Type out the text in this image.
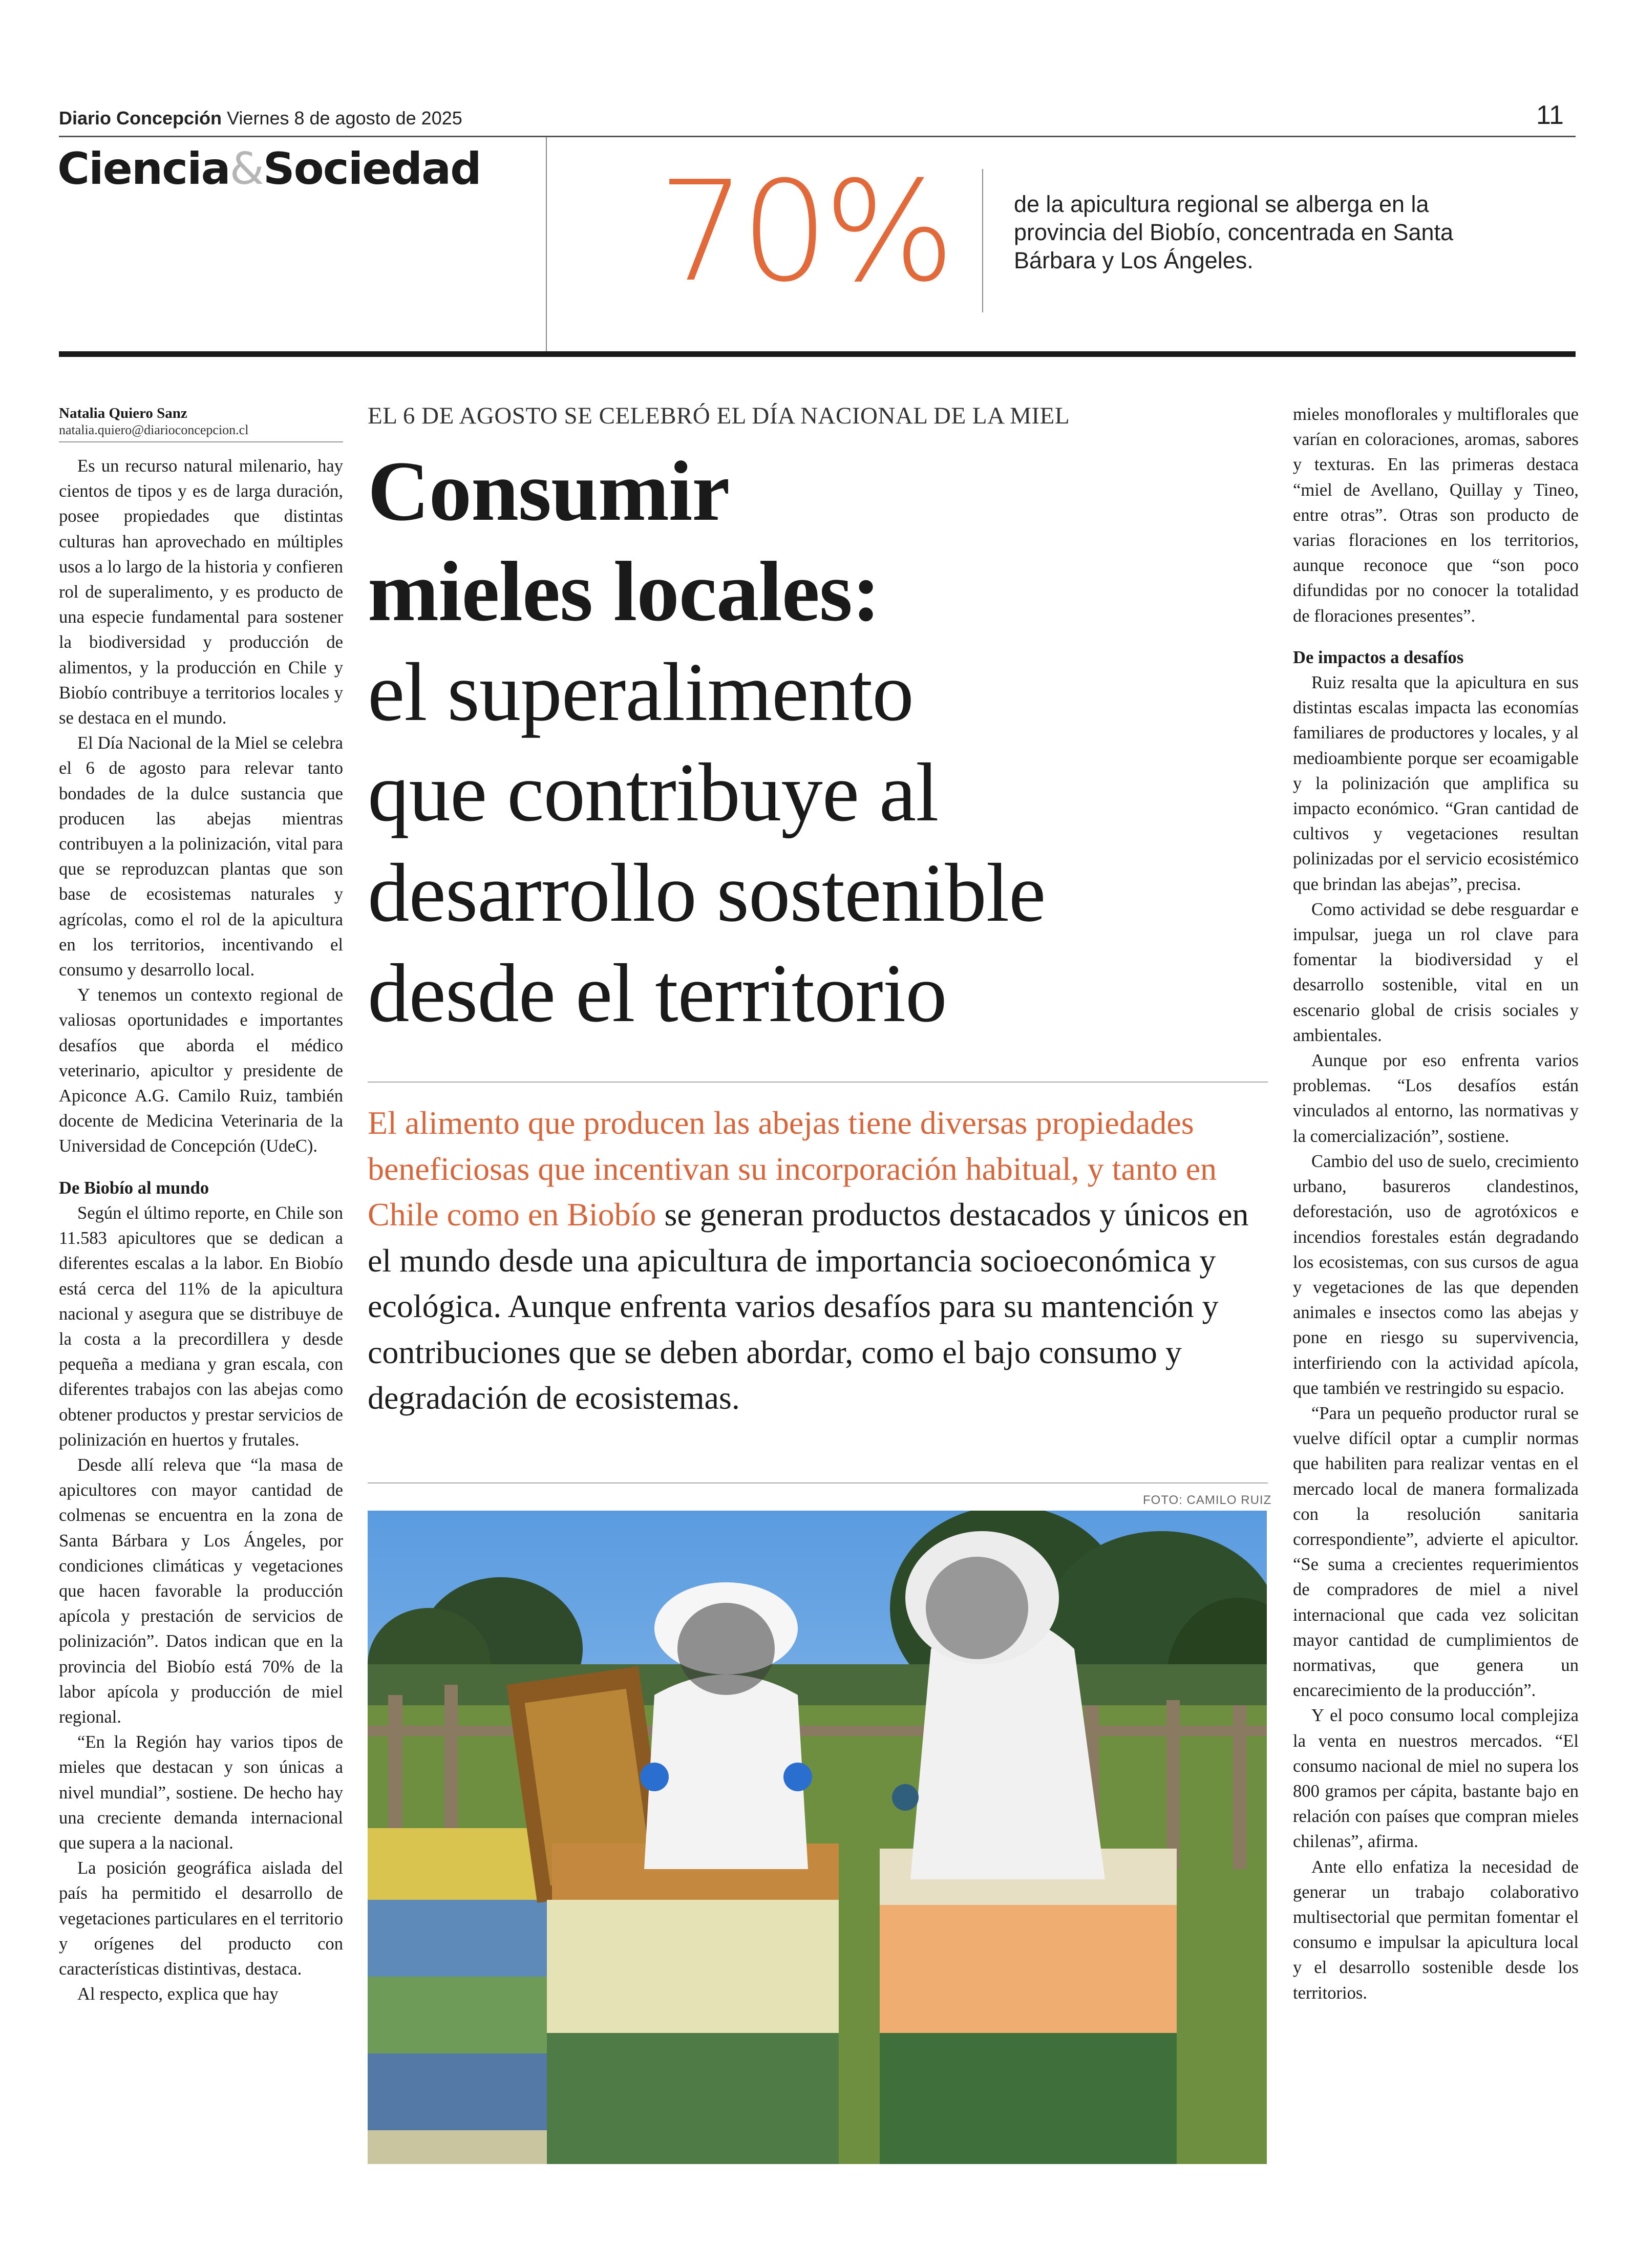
Diario Concepción Viernes 8 de agosto de 2025	11
Ciencia&Sociedad 70%	de la apicultura regional se alberga en la provincia del Biobío, concentrada en Santa Bárbara y Los Ángeles.
Natalia Quiero Sanz
natalia.quiero@diarioconcepcion.cl

Es un recurso natural milenario, hay cientos de tipos y es de larga duración, posee propiedades que distintas culturas han aprovechado en múltiples usos a lo largo de la historia y confieren rol de superalimento, y es producto de una especie fundamental para sostener la biodiversidad y producción de alimentos, y la producción en Chile y Biobío contribuye a territorios locales y se destaca en el mundo.

El Día Nacional de la Miel se celebra el 6 de agosto para relevar tanto bondades de la dulce sustancia que producen las abejas mientras contribuyen a la polinización, vital para que se reproduzcan plantas que son base de ecosistemas naturales y agrícolas, como el rol de la apicultura en los territorios, incentivando el consumo y desarrollo local.

Y tenemos un contexto regional de valiosas oportunidades e importantes desafíos que aborda el médico veterinario, apicultor y presidente de Apiconce A.G. Camilo Ruiz, también docente de Medicina Veterinaria de la Universidad de Concepción (UdeC).

De Biobío al mundo

Según el último reporte, en Chile son 11.583 apicultores que se dedican a diferentes escalas a la labor. En Biobío está cerca del 11% de la apicultura nacional y asegura que se distribuye de la costa a la precordillera y desde pequeña a mediana y gran escala, con diferentes trabajos con las abejas como obtener productos y prestar servicios de polinización en huertos y frutales.

Desde allí releva que “la masa de apicultores con mayor cantidad de colmenas se encuentra en la zona de Santa Bárbara y Los Ángeles, por condiciones climáticas y vegetaciones que hacen favorable la producción apícola y prestación de servicios de polinización”. Datos indican que en la provincia del Biobío está 70% de la labor apícola y producción de miel regional.

“En la Región hay varios tipos de mieles que destacan y son únicas a nivel mundial”, sostiene. De hecho hay una creciente demanda internacional que supera a la nacional.

La posición geográfica aislada del país ha permitido el desarrollo de vegetaciones particulares en el territorio y orígenes del producto con características distintivas, destaca.

Al respecto, explica que hay

EL 6 DE AGOSTO SE CELEBRÓ EL DÍA NACIONAL DE LA MIEL
Consumir
mieles locales:
el superalimento
que contribuye al
desarrollo sostenible
desde el territorio
El alimento que producen las abejas tiene diversas propiedades beneficiosas que incentivan su incorporación habitual, y tanto en Chile como en Biobío se generan productos destacados y únicos en el mundo desde una apicultura de importancia socioeconómica y ecológica. Aunque enfrenta varios desafíos para su mantención y contribuciones que se deben abordar, como el bajo consumo y degradación de ecosistemas.
FOTO: CAMILO RUIZ

mieles monoflorales y multiflorales que varían en coloraciones, aromas, sabores y texturas. En las primeras destaca “miel de Avellano, Quillay y Tineo, entre otras”. Otras son producto de varias floraciones en los territorios, aunque reconoce que “son poco difundidas por no conocer la totalidad de floraciones presentes”.

De impactos a desafíos

Ruiz resalta que la apicultura en sus distintas escalas impacta las economías familiares de productores y locales, y al medioambiente porque ser ecoamigable y la polinización que amplifica su impacto económico. “Gran cantidad de cultivos y vegetaciones resultan polinizadas por el servicio ecosistémico que brindan las abejas”, precisa.

Como actividad se debe resguardar e impulsar, juega un rol clave para fomentar la biodiversidad y el desarrollo sostenible, vital en un escenario global de crisis sociales y ambientales.

Aunque por eso enfrenta varios problemas. “Los desafíos están vinculados al entorno, las normativas y la comercialización”, sostiene.

Cambio del uso de suelo, crecimiento urbano, basureros clandestinos, deforestación, uso de agrotóxicos e incendios forestales están degradando los ecosistemas, con sus cursos de agua y vegetaciones de las que dependen animales e insectos como las abejas y pone en riesgo su supervivencia, interfiriendo con la actividad apícola, que también ve restringido su espacio.

“Para un pequeño productor rural se vuelve difícil optar a cumplir normas que habiliten para realizar ventas en el mercado local de manera formalizada con la resolución sanitaria correspondiente”, advierte el apicultor. “Se suma a crecientes requerimientos de compradores de miel a nivel internacional que cada vez solicitan mayor cantidad de cumplimientos de normativas, que genera un encarecimiento de la producción”.

Y el poco consumo local complejiza la venta en nuestros mercados. “El consumo nacional de miel no supera los 800 gramos per cápita, bastante bajo en relación con países que compran mieles chilenas”, afirma.

Ante ello enfatiza la necesidad de generar un trabajo colaborativo multisectorial que permitan fomentar el consumo e impulsar la apicultura local y el desarrollo sostenible desde los territorios.
